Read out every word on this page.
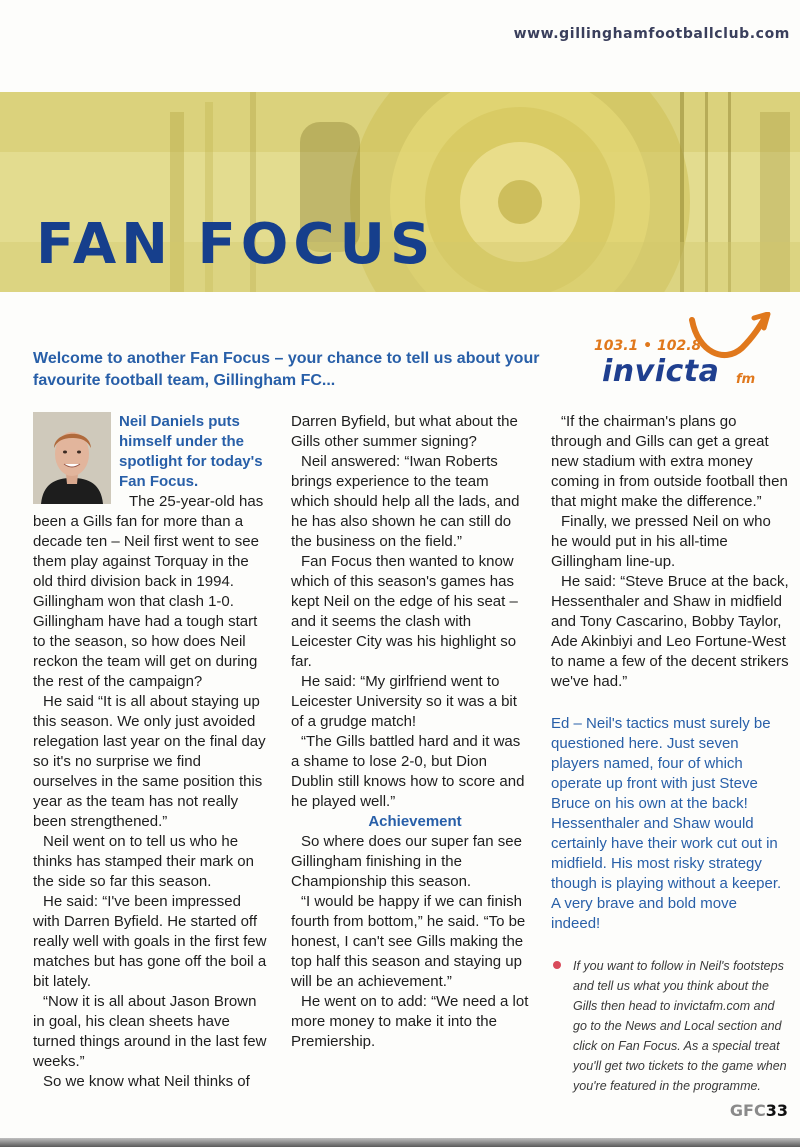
www.gillinghamfootballclub.com
FAN FOCUS
Welcome to another Fan Focus – your chance to tell us about your favourite football team, Gillingham FC...
103.1 • 102.8
invicta fm

Neil Daniels puts himself under the spotlight for today's Fan Focus.

The 25-year-old has been a Gills fan for more than a decade ten – Neil first went to see them play against Torquay in the old third division back in 1994. Gillingham won that clash 1-0. Gillingham have had a tough start to the season, so how does Neil reckon the team will get on during the rest of the campaign?

He said “It is all about staying up this season. We only just avoided relegation last year on the final day so it's no surprise we find ourselves in the same position this year as the team has not really been strengthened.”

Neil went on to tell us who he thinks has stamped their mark on the side so far this season.

He said: “I've been impressed with Darren Byfield. He started off really well with goals in the first few matches but has gone off the boil a bit lately.

“Now it is all about Jason Brown in goal, his clean sheets have turned things around in the last few weeks.”

So we know what Neil thinks of

Darren Byfield, but what about the Gills other summer signing?

Neil answered: “Iwan Roberts brings experience to the team which should help all the lads, and he has also shown he can still do the business on the field.”

Fan Focus then wanted to know which of this season's games has kept Neil on the edge of his seat – and it seems the clash with Leicester City was his highlight so far.

He said: “My girlfriend went to Leicester University so it was a bit of a grudge match!

“The Gills battled hard and it was a shame to lose 2-0, but Dion Dublin still knows how to score and he played well.”

Achievement

So where does our super fan see Gillingham finishing in the Championship this season.

“I would be happy if we can finish fourth from bottom,” he said. “To be honest, I can't see Gills making the top half this season and staying up will be an achievement.”

He went on to add: “We need a lot more money to make it into the Premiership.

“If the chairman's plans go through and Gills can get a great new stadium with extra money coming in from outside football then that might make the difference.”

Finally, we pressed Neil on who he would put in his all-time Gillingham line-up.

He said: “Steve Bruce at the back, Hessenthaler and Shaw in midfield and Tony Cascarino, Bobby Taylor, Ade Akinbiyi and Leo Fortune-West to name a few of the decent strikers we've had.”

Ed – Neil's tactics must surely be questioned here. Just seven players named, four of which operate up front with just Steve Bruce on his own at the back! Hessenthaler and Shaw would certainly have their work cut out in midfield. His most risky strategy though is playing without a keeper. A very brave and bold move indeed!

If you want to follow in Neil's footsteps and tell us what you think about the Gills then head to invictafm.com and go to the News and Local section and click on Fan Focus. As a special treat you'll get two tickets to the game when you're featured in the programme.

GFC33
